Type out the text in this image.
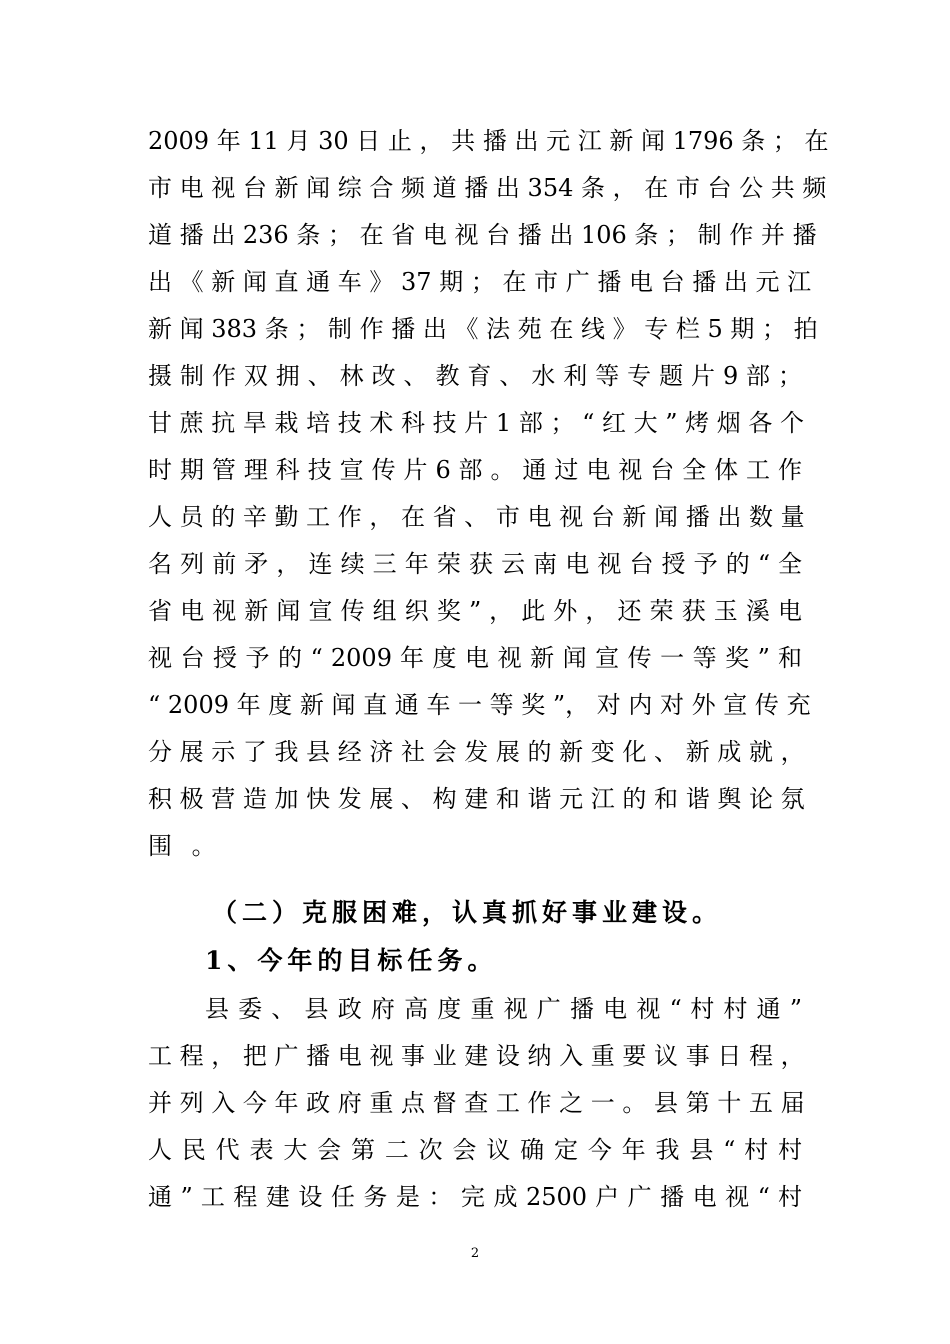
2009 年 11 月 30 日 止 ， 共 播 出 元 江 新 闻 1796 条 ； 在
市 电 视 台 新 闻 综 合 频 道 播 出 354 条 ， 在 市 台 公 共 频
道 播 出 236 条 ； 在 省 电 视 台 播 出 106 条 ； 制 作 并 播
出 《 新 闻 直 通 车 》 37 期 ； 在 市 广 播 电 台 播 出 元 江
新 闻 383 条 ； 制 作 播 出 《 法 苑 在 线 》 专 栏 5 期 ； 拍
摄 制 作 双 拥 、 林 改 、 教 育 、 水 利 等 专 题 片 9 部 ；
甘 蔗 抗 旱 栽 培 技 术 科 技 片 1 部 ； “ 红 大 ” 烤 烟 各 个
时 期 管 理 科 技 宣 传 片 6 部 。 通 过 电 视 台 全 体 工 作
人 员 的 辛 勤 工 作 ， 在 省 、 市 电 视 台 新 闻 播 出 数 量
名 列 前 矛 ， 连 续 三 年 荣 获 云 南 电 视 台 授 予 的 “ 全
省 电 视 新 闻 宣 传 组 织 奖 ” ， 此 外 ， 还 荣 获 玉 溪 电
视 台 授 予 的 “ 2009 年 度 电 视 新 闻 宣 传 一 等 奖 ” 和
“ 2009 年 度 新 闻 直 通 车 一 等 奖 ”， 对 内 对 外 宣 传 充
分 展 示 了 我 县 经 济 社 会 发 展 的 新 变 化 、 新 成 就 ，
积 极 营 造 加 快 发 展 、 构 建 和 谐 元 江 的 和 谐 舆 论 氛
围 。
（二）克服困难，认真抓好事业建设。
1、今年的目标任务。
县 委 、 县 政 府 高 度 重 视 广 播 电 视 “ 村 村 通 ”
工 程 ， 把 广 播 电 视 事 业 建 设 纳 入 重 要 议 事 日 程 ，
并 列 入 今 年 政 府 重 点 督 查 工 作 之 一 。 县 第 十 五 届
人 民 代 表 大 会 第 二 次 会 议 确 定 今 年 我 县 “ 村 村
通 ” 工 程 建 设 任 务 是 ： 完 成 2500 户 广 播 电 视 “ 村
2
